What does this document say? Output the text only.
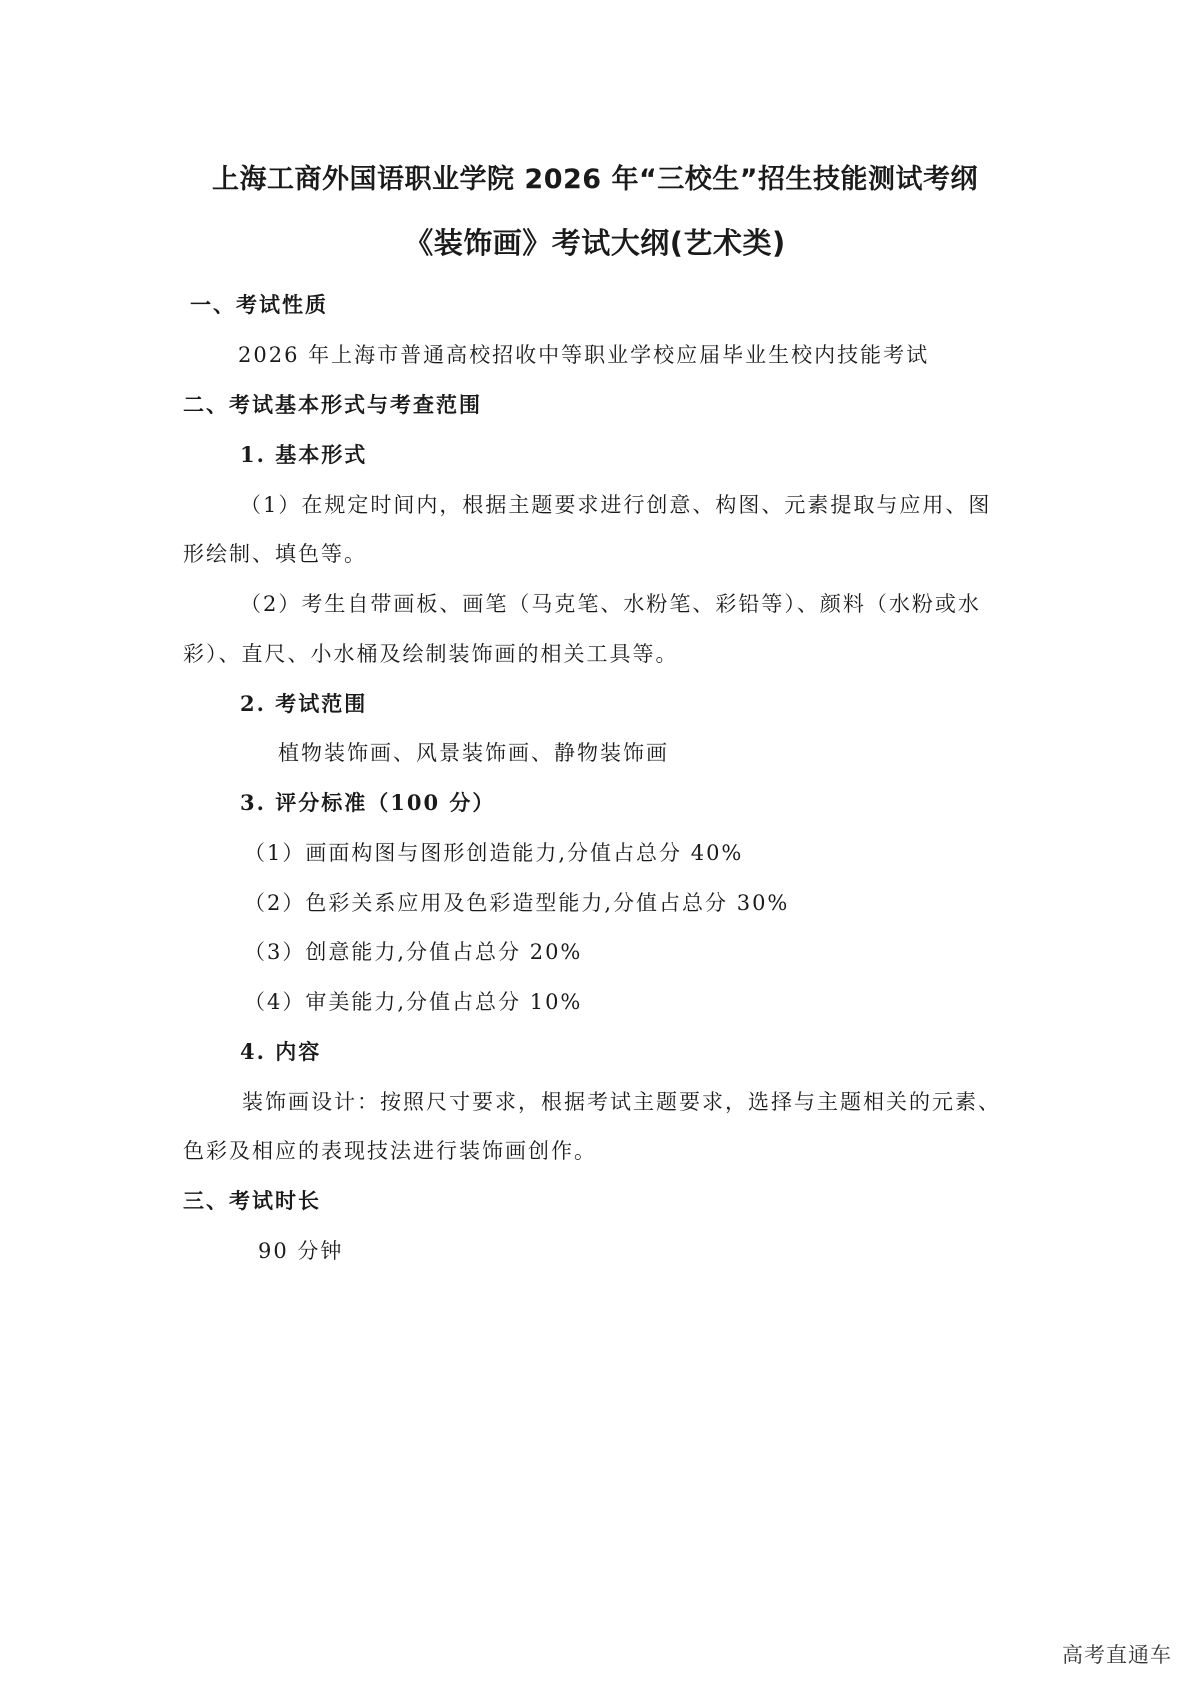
上海工商外国语职业学院 2026 年“三校生”招生技能测试考纲
《装饰画》考试大纲(艺术类)
一、考试性质
2026 年上海市普通高校招收中等职业学校应届毕业生校内技能考试
二、考试基本形式与考查范围
1. 基本形式
（1）在规定时间内，根据主题要求进行创意、构图、元素提取与应用、图
形绘制、填色等。
（2）考生自带画板、画笔（马克笔、水粉笔、彩铅等）、颜料（水粉或水
彩）、直尺、小水桶及绘制装饰画的相关工具等。
2. 考试范围
植物装饰画、风景装饰画、静物装饰画
3. 评分标准（100 分）
（1）画面构图与图形创造能力,分值占总分 40%
（2）色彩关系应用及色彩造型能力,分值占总分 30%
（3）创意能力,分值占总分 20%
（4）审美能力,分值占总分 10%
4. 内容
装饰画设计：按照尺寸要求，根据考试主题要求，选择与主题相关的元素、
色彩及相应的表现技法进行装饰画创作。
三、考试时长
90 分钟
高考直通车
